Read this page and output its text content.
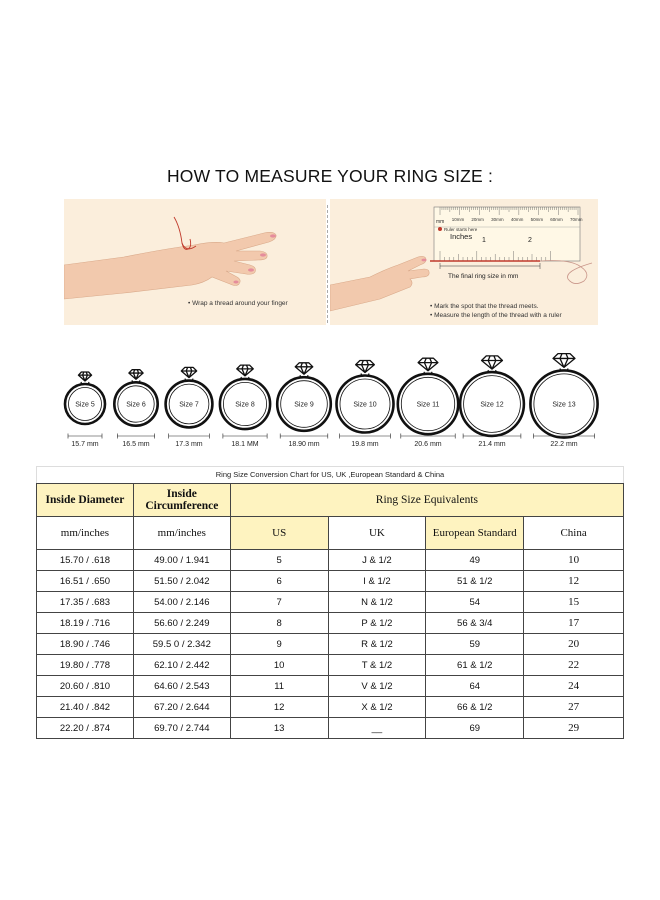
HOW TO MEASURE YOUR RING SIZE :
• Wrap a thread around your finger
10mm 20mm 30mm 40mm 50mm 60mm 70mm
Ruler starts here
mm
Inches 1	2
The final ring size in mm
• Mark the spot that the thread meets.
• Measure the length of the thread with a ruler
Size 5
15.7 mm
Size 6
16.5 mm
Size 7
17.3 mm
Size 8
18.1 MM
Size 9
18.90 mm
Size 10
19.8 mm
Size 11
20.6 mm
Size 12
21.4 mm
Size 13
22.2 mm
Ring Size Conversion Chart for US, UK ,European Standard & China
Inside Diameter	Inside Circumference	Ring Size Equivalents			
mm/inches	mm/inches	US	UK	European Standard	China
15.70 / .618	49.00 / 1.941	5	J & 1/2	49	10
16.51 / .650	51.50 / 2.042	6	I & 1/2	51 & 1/2	12
17.35 / .683	54.00 / 2.146	7	N & 1/2	54	15
18.19 / .716	56.60 / 2.249	8	P & 1/2	56 & 3/4	17
18.90 / .746	59.5 0 / 2.342	9	R & 1/2	59	20
19.80 / .778	62.10 / 2.442	10	T & 1/2	61 & 1/2	22
20.60 / .810	64.60 / 2.543	11	V & 1/2	64	24
21.40 / .842	67.20 / 2.644	12	X & 1/2	66 & 1/2	27
22.20 / .874	69.70 / 2.744	13	__	69	29
